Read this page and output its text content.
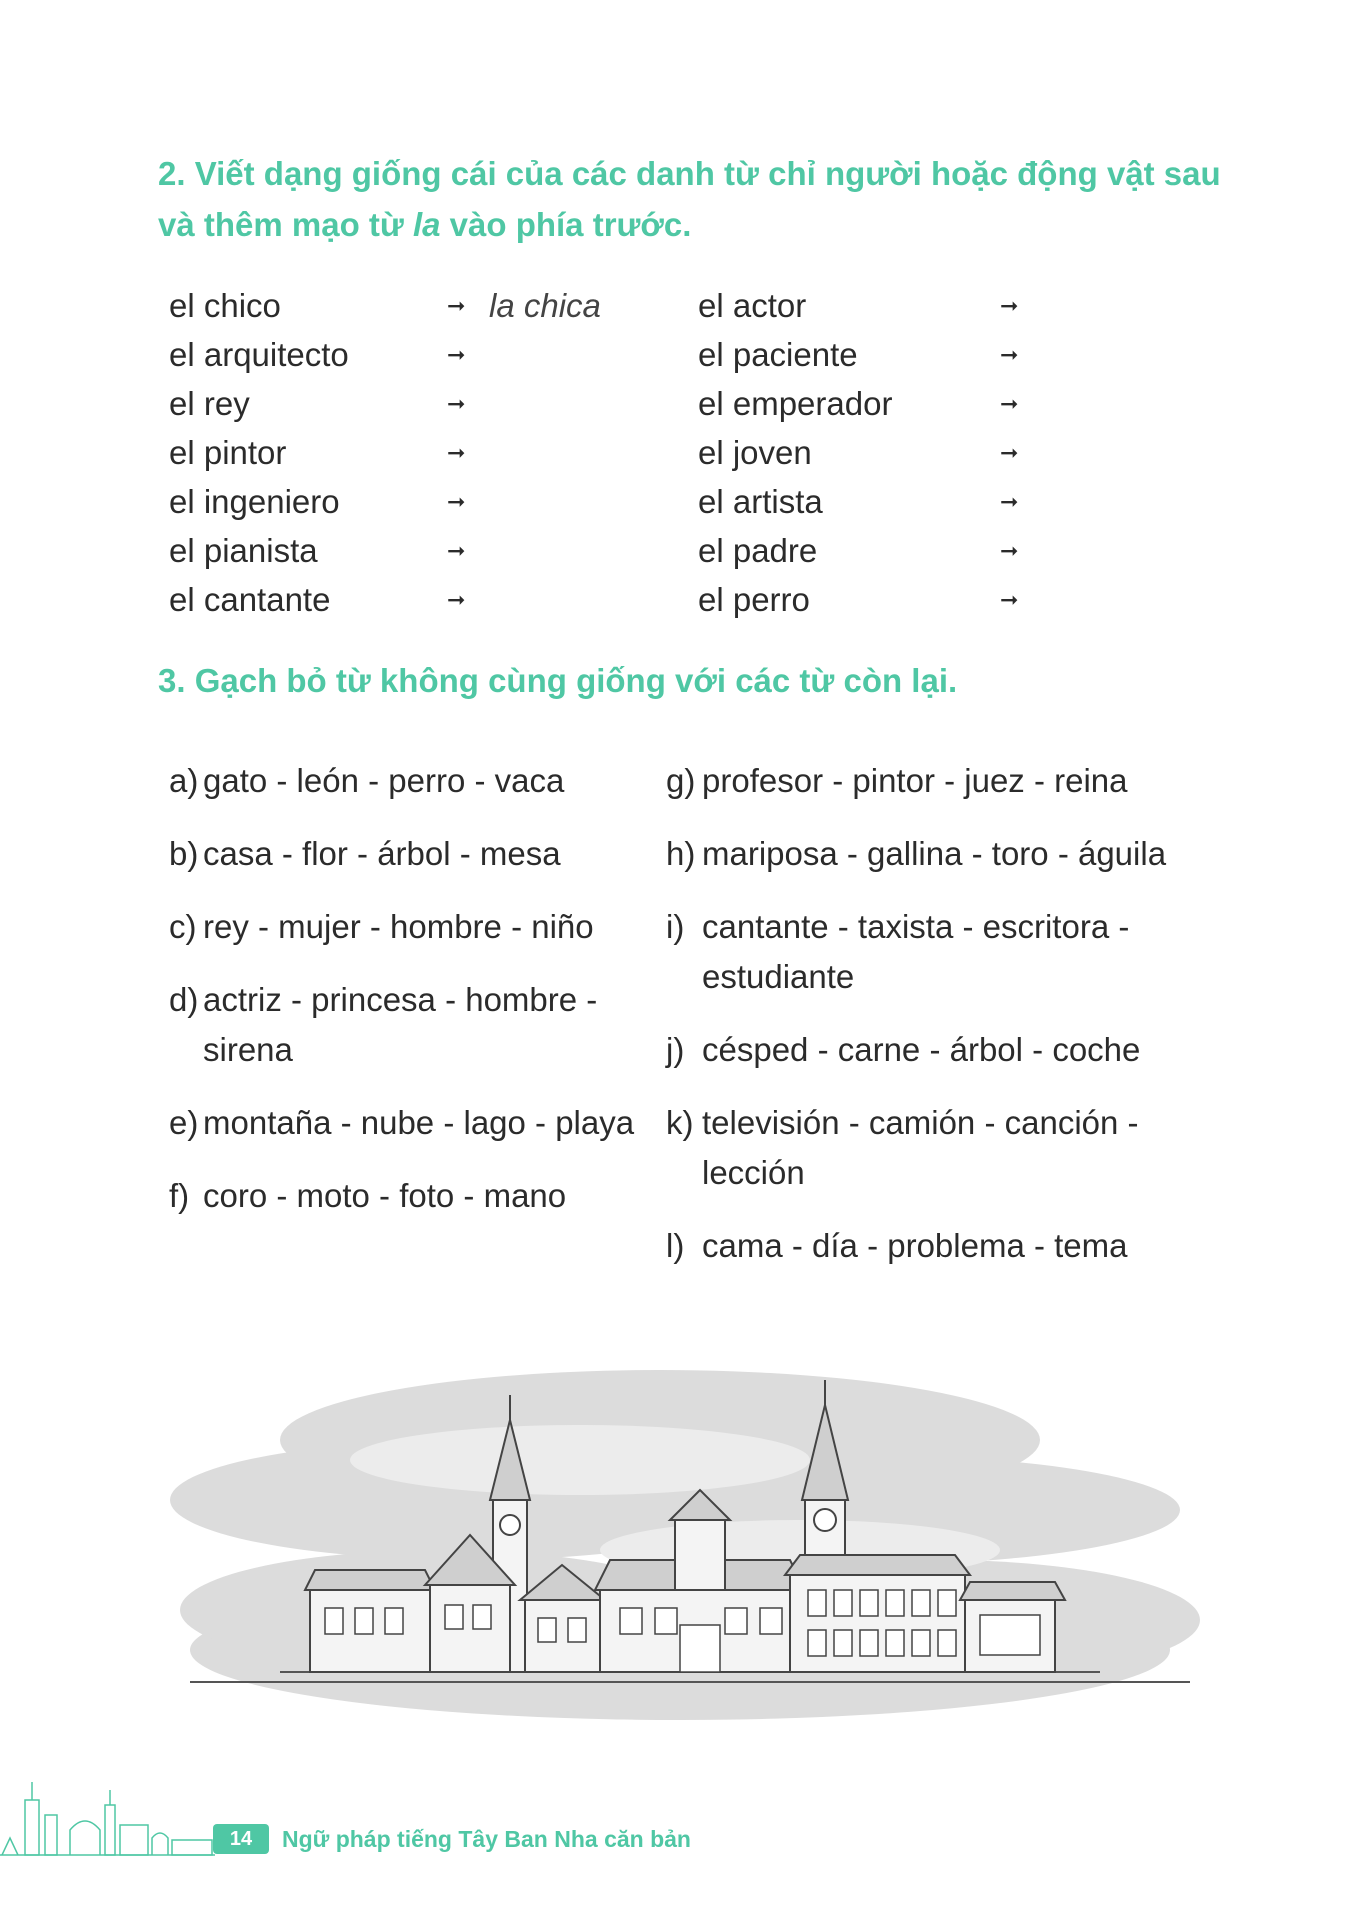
2. Viết dạng giống cái của các danh từ chỉ người hoặc động vật sau và thêm mạo từ la vào phía trước.
el chico	➞ la chica
el arquitecto	➞
el rey	➞
el pintor	➞
el ingeniero	➞
el pianista	➞
el cantante	➞
el actor	➞
el paciente	➞
el emperador	➞
el joven	➞
el artista	➞
el padre	➞
el perro	➞
3. Gạch bỏ từ không cùng giống với các từ còn lại.
a) gato - león - perro - vaca
b) casa - flor - árbol - mesa
c) rey - mujer - hombre - niño
d) actriz - princesa - hombre - sirena
e) montaña - nube - lago - playa
f) coro - moto - foto - mano
g) profesor - pintor - juez - reina
h) mariposa - gallina - toro - águila
i) cantante - taxista - escritora - estudiante
j) césped - carne - árbol - coche
k) televisión - camión - canción - lección
l) cama - día - problema - tema
14	Ngữ pháp tiếng Tây Ban Nha căn bản
